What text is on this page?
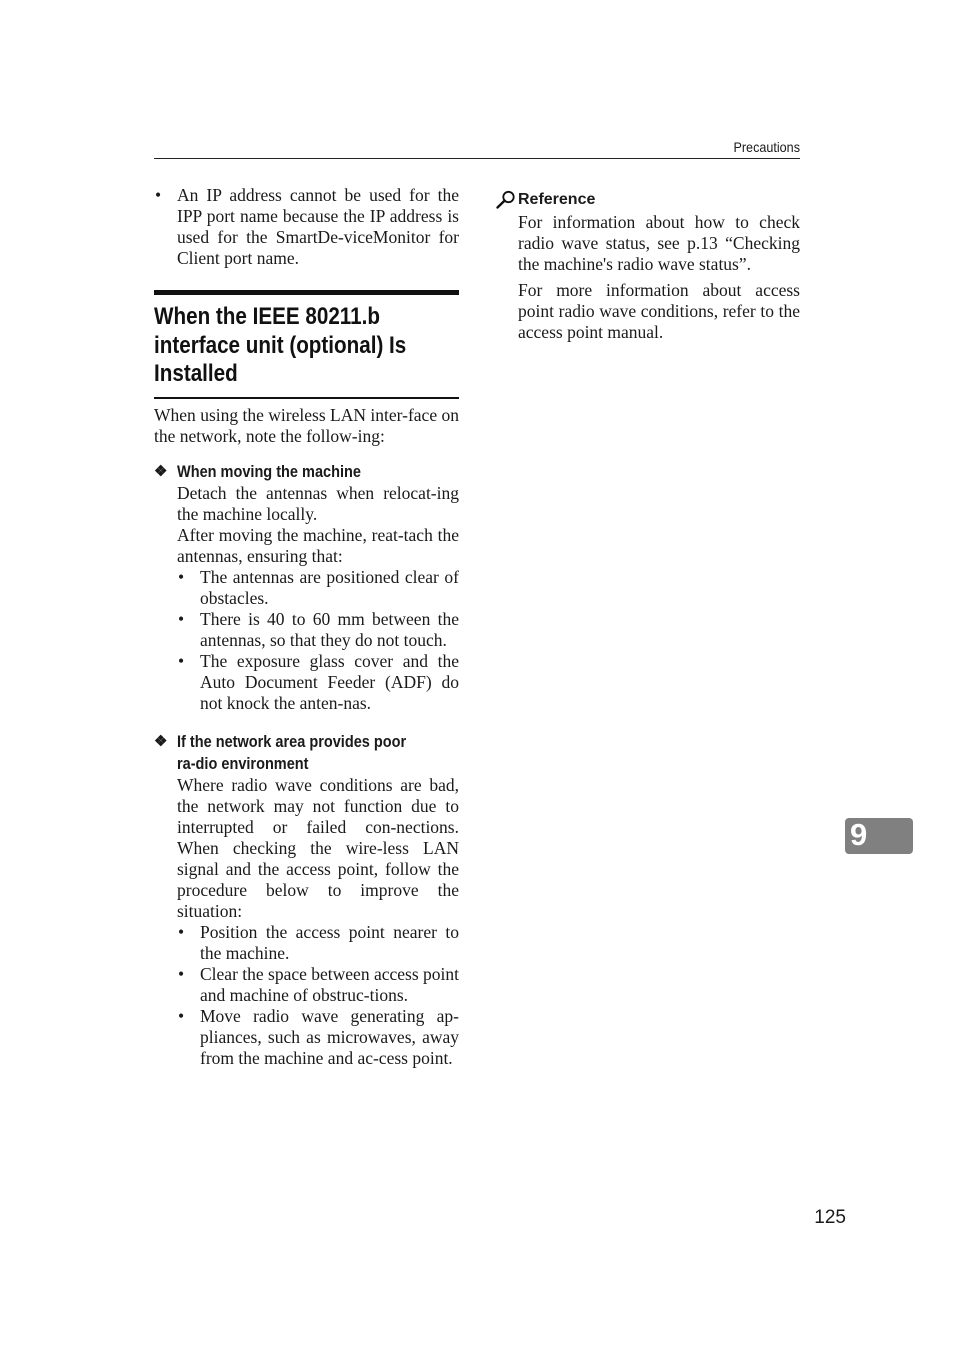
Precautions
• An IP address cannot be used for the IPP port name because the IP address is used for the SmartDe-viceMonitor for Client port name.
When the IEEE 80211.b interface unit (optional) Is Installed

When using the wireless LAN inter-face on the network, note the follow-ing:

❖ When moving the machine

Detach the antennas when relocat-ing the machine locally.

After moving the machine, reat-tach the antennas, ensuring that:

• The antennas are positioned clear of obstacles.
• There is 40 to 60 mm between the antennas, so that they do not touch.
• The exposure glass cover and the Auto Document Feeder (ADF) do not knock the anten-nas.
❖ If the network area provides poor ra-dio environment

Where radio wave conditions are bad, the network may not function due to interrupted or failed con-nections. When checking the wire-less LAN signal and the access point, follow the procedure below to improve the situation:

• Position the access point nearer to the machine.
• Clear the space between access point and machine of obstruc-tions.
• Move radio wave generating ap-pliances, such as microwaves, away from the machine and ac-cess point.
Reference

For information about how to check radio wave status, see p.13 “Checking the machine's radio wave status”.

For more information about access point radio wave conditions, refer to the access point manual.

9
125
